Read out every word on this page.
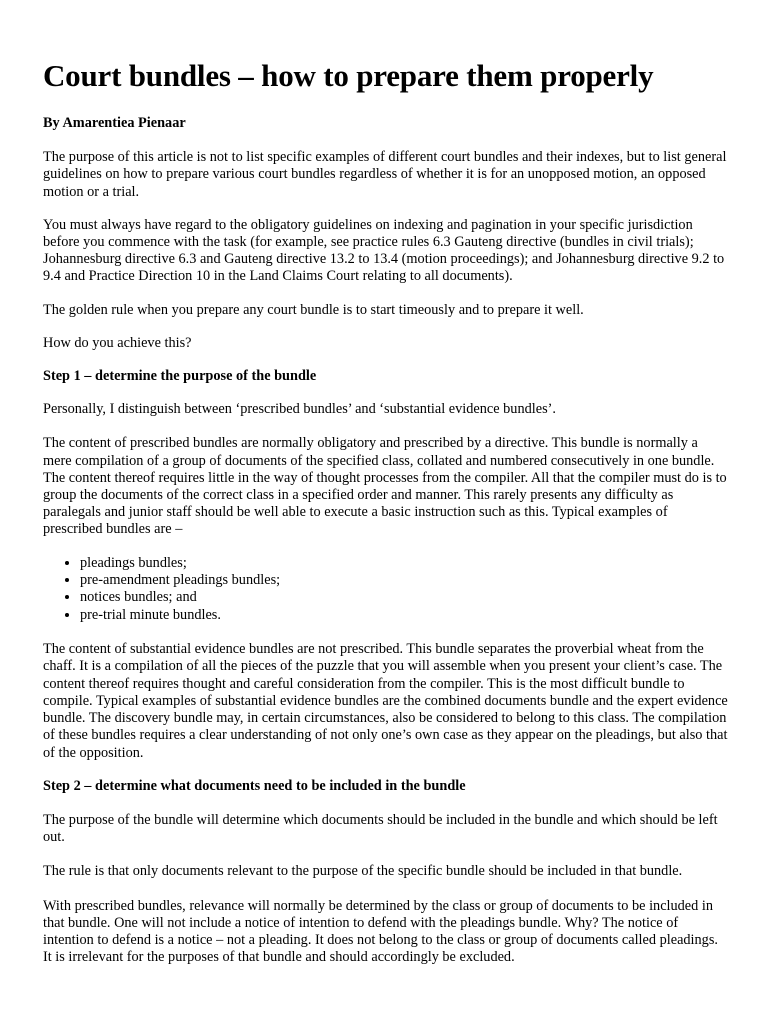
Court bundles – how to prepare them properly

By Amarentiea Pienaar

The purpose of this article is not to list specific examples of different court bundles and their indexes, but to list general guidelines on how to prepare various court bundles regardless of whether it is for an unopposed motion, an opposed motion or a trial.

You must always have regard to the obligatory guidelines on indexing and pagination in your specific jurisdiction before you commence with the task (for example, see practice rules 6.3 Gauteng directive (bundles in civil trials); Johannesburg directive 6.3 and Gauteng directive 13.2 to 13.4 (motion proceedings); and Johannesburg directive 9.2 to 9.4 and Practice Direction 10 in the Land Claims Court relating to all documents).

The golden rule when you prepare any court bundle is to start timeously and to prepare it well.

How do you achieve this?

Step 1 – determine the purpose of the bundle

Personally, I distinguish between ‘prescribed bundles’ and ‘substantial evidence bundles’.

The content of prescribed bundles are normally obligatory and prescribed by a directive. This bundle is normally a mere compilation of a group of documents of the specified class, collated and numbered consecutively in one bundle. The content thereof requires little in the way of thought processes from the compiler. All that the compiler must do is to group the documents of the correct class in a specified order and manner. This rarely presents any difficulty as paralegals and junior staff should be well able to execute a basic instruction such as this. Typical examples of prescribed bundles are –

• pleadings bundles;
• pre-amendment pleadings bundles;
• notices bundles; and
• pre-trial minute bundles.

The content of substantial evidence bundles are not prescribed. This bundle separates the proverbial wheat from the chaff. It is a compilation of all the pieces of the puzzle that you will assemble when you present your client’s case. The content thereof requires thought and careful consideration from the compiler. This is the most difficult bundle to compile. Typical examples of substantial evidence bundles are the combined documents bundle and the expert evidence bundle. The discovery bundle may, in certain circumstances, also be considered to belong to this class. The compilation of these bundles requires a clear understanding of not only one’s own case as they appear on the pleadings, but also that of the opposition.

Step 2 – determine what documents need to be included in the bundle

The purpose of the bundle will determine which documents should be included in the bundle and which should be left out.

The rule is that only documents relevant to the purpose of the specific bundle should be included in that bundle.

With prescribed bundles, relevance will normally be determined by the class or group of documents to be included in that bundle. One will not include a notice of intention to defend with the pleadings bundle. Why? The notice of intention to defend is a notice – not a pleading. It does not belong to the class or group of documents called pleadings. It is irrelevant for the purposes of that bundle and should accordingly be excluded.
